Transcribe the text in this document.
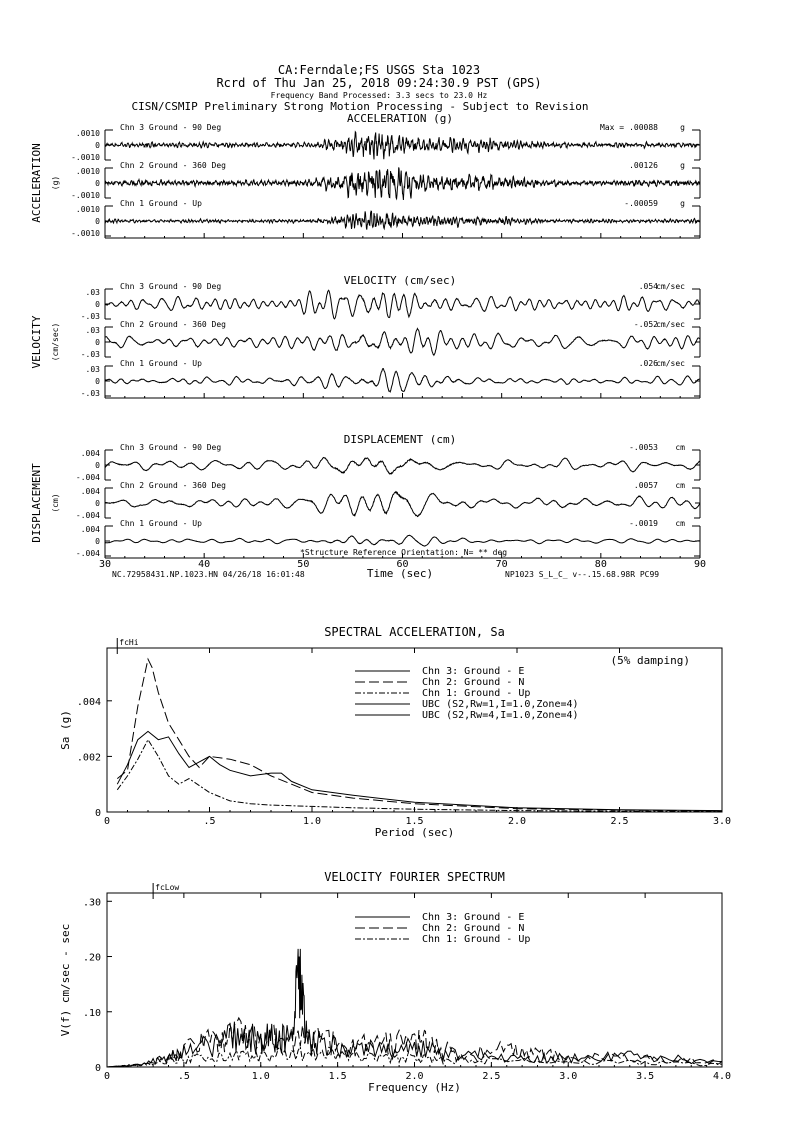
CA:Ferndale;FS USGS Sta 1023
Rcrd of Thu Jan 25, 2018 09:24:30.9 PST (GPS)
Frequency Band Processed: 3.3 secs to 23.0 Hz
CISN/CSMIP Preliminary Strong Motion Processing - Subject to Revision
ACCELERATION (g)
ACCELERATION (g)
.0010
0
-.0010
Chn 3 Ground - 90 Deg	g
.00088
Max =
.0010
0
-.0010
Chn 2 Ground - 360 Deg	g
.00126
.0010
0
-.0010
Chn 1 Ground - Up	g
-.00059
VELOCITY (cm/sec)
VELOCITY (cm/sec)
.03
0
-.03
Chn 3 Ground - 90 Deg	cm/sec
.054
.03
0
-.03
Chn 2 Ground - 360 Deg	cm/sec
-.052
.03
0
-.03
Chn 1 Ground - Up	cm/sec
.026
DISPLACEMENT (cm)
DISPLACEMENT (cm)
.004
0
-.004
Chn 3 Ground - 90 Deg	cm
-.0053
.004
0
-.004
Chn 2 Ground - 360 Deg	cm
.0057
.004
0
-.004
Chn 1 Ground - Up	cm
-.0019
30	40	50	60	70	80	90
Time (sec)
*Structure Reference Orientation: N= ** deg
NC.72958431.NP.1023.HN 04/26/18 16:01:48	NP1023 S_L_C_ v--.15.68.98R PC99
SPECTRAL ACCELERATION, Sa
0	.5	1.0	1.5	2.0	2.5	3.0
0
.002
.004
Period (sec)
Sa (g)
fcHi
Chn 3: Ground - E
Chn 2: Ground - N
Chn 1: Ground - Up
UBC (S2,Rw=1,I=1.0,Zone=4)
UBC (S2,Rw=4,I=1.0,Zone=4)
(5% damping)
VELOCITY FOURIER SPECTRUM
0	.5	1.0	1.5	2.0	2.5	3.0	3.5	4.0
0
.10
.20
.30
Frequency (Hz)
V(f) cm/sec - sec
fcLow
Chn 3: Ground - E
Chn 2: Ground - N
Chn 1: Ground - Up
